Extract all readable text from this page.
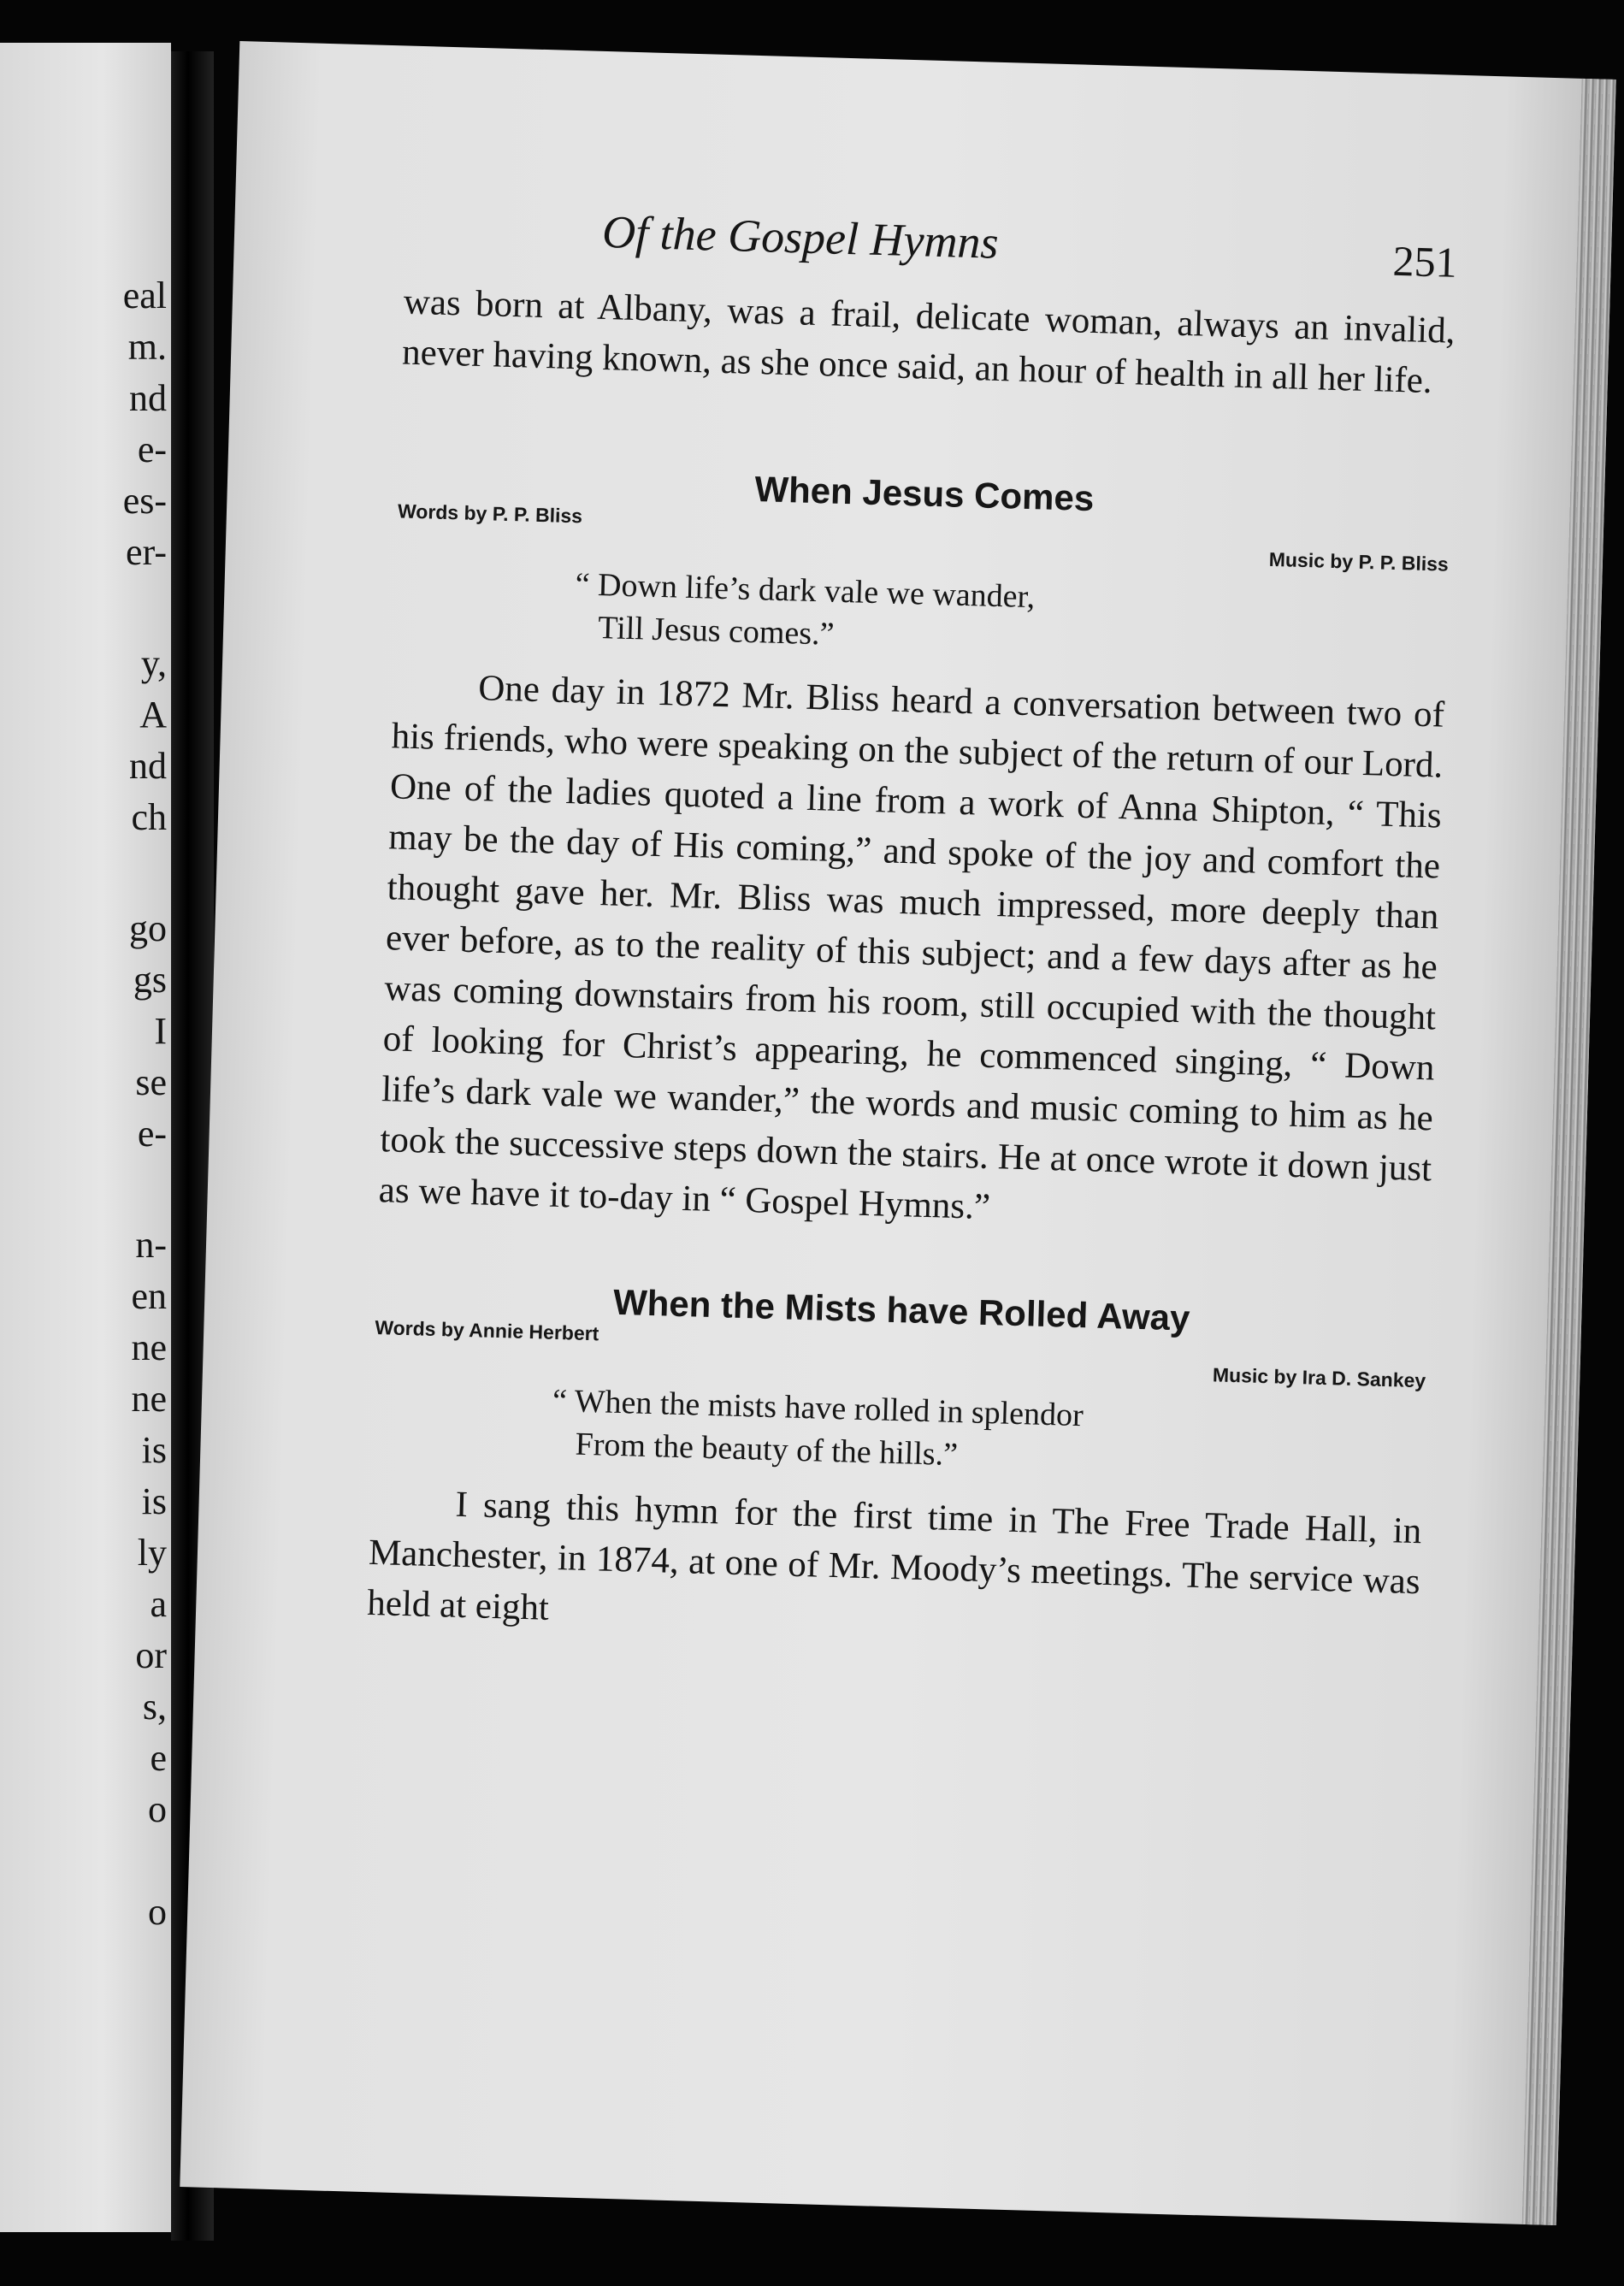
eal
m.
nd
e-
es-
er-
y,
A
nd
ch
go
gs
I
se
e-
n-
en
ne
ne
is
is
ly
a
or
s,
e
o
o
Of the Gospel Hymns	251

was born at Albany, was a frail, delicate woman, always an invalid, never having known, as she once said, an hour of health in all her life.

When Jesus Comes
Words by P. P. Bliss
Music by P. P. Bliss
“ Down life’s dark vale we wander,
Till Jesus comes.”

One day in 1872 Mr. Bliss heard a conversation between two of his friends, who were speaking on the subject of the return of our Lord. One of the ladies quoted a line from a work of Anna Shipton, “ This may be the day of His coming,” and spoke of the joy and comfort the thought gave her. Mr. Bliss was much impressed, more deeply than ever before, as to the reality of this subject; and a few days after as he was coming downstairs from his room, still occupied with the thought of looking for Christ’s appearing, he commenced singing, “ Down life’s dark vale we wander,” the words and music coming to him as he took the successive steps down the stairs. He at once wrote it down just as we have it to-day in “ Gospel Hymns.”

When the Mists have Rolled Away
Words by Annie Herbert
Music by Ira D. Sankey
“ When the mists have rolled in splendor
From the beauty of the hills.”

I sang this hymn for the first time in The Free Trade Hall, in Manchester, in 1874, at one of Mr. Moody’s meetings. The service was held at eight
